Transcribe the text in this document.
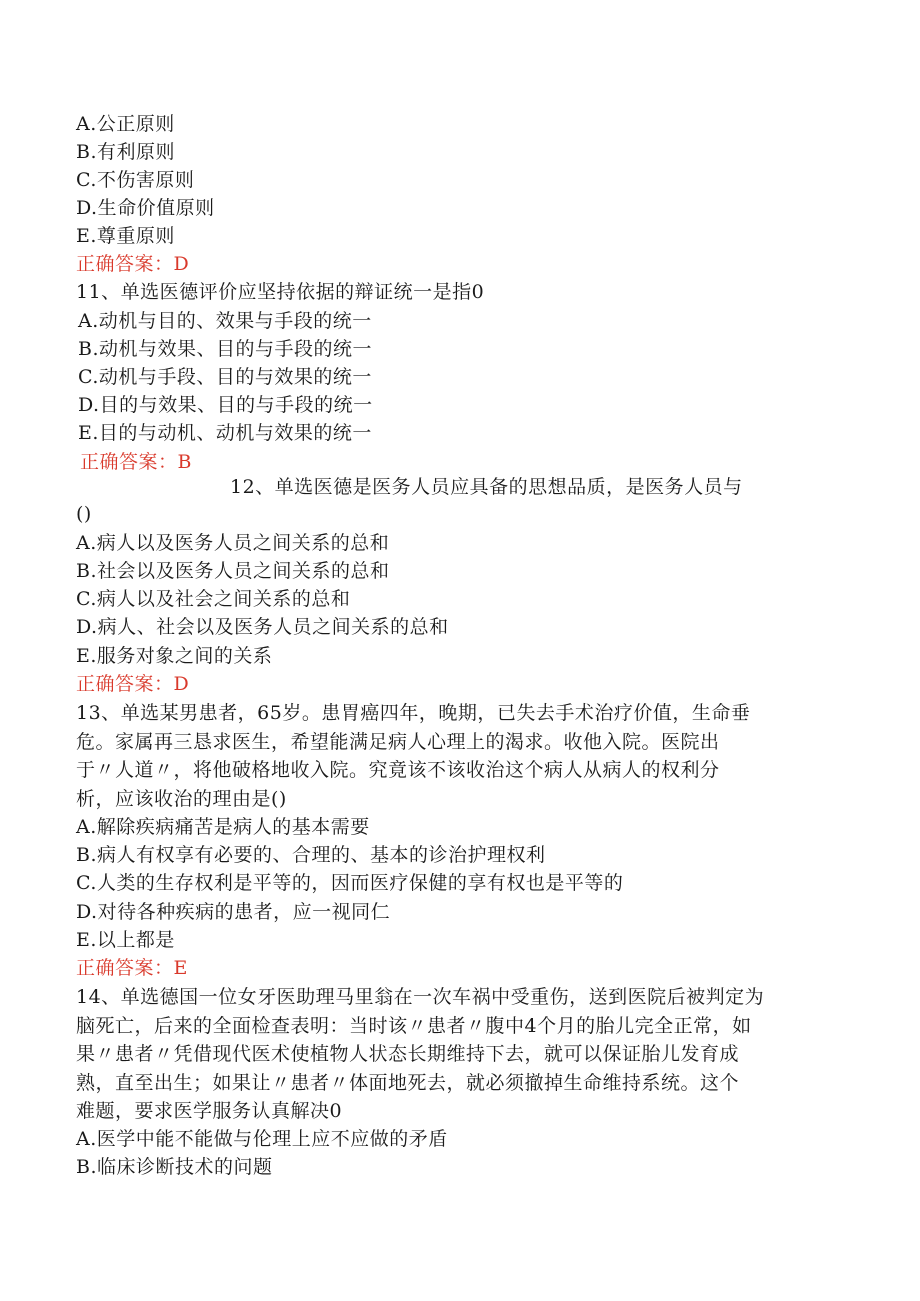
A.公正原则
B.有利原则
C.不伤害原则
D.生命价值原则
E.尊重原则
正确答案：D
11、单选医德评价应坚持依据的辩证统一是指0
A.动机与目的、效果与手段的统一
B.动机与效果、目的与手段的统一
C.动机与手段、目的与效果的统一
D.目的与效果、目的与手段的统一
E.目的与动机、动机与效果的统一
正确答案：B
12、单选医德是医务人员应具备的思想品质，是医务人员与
()
A.病人以及医务人员之间关系的总和
B.社会以及医务人员之间关系的总和
C.病人以及社会之间关系的总和
D.病人、社会以及医务人员之间关系的总和
E.服务对象之间的关系
正确答案：D
13、单选某男患者，65岁。患胃癌四年，晚期，已失去手术治疗价值，生命垂
危。家属再三恳求医生，希望能满足病人心理上的渴求。收他入院。医院出
于〃人道〃，将他破格地收入院。究竟该不该收治这个病人从病人的权利分
析，应该收治的理由是()
A.解除疾病痛苦是病人的基本需要
B.病人有权享有必要的、合理的、基本的诊治护理权利
C.人类的生存权利是平等的，因而医疗保健的享有权也是平等的
D.对待各种疾病的患者，应一视同仁
E.以上都是
正确答案：E
14、单选德国一位女牙医助理马里翁在一次车祸中受重伤，送到医院后被判定为
脑死亡，后来的全面检查表明：当时该〃患者〃腹中4个月的胎儿完全正常，如
果〃患者〃凭借现代医术使植物人状态长期维持下去，就可以保证胎儿发育成
熟，直至出生；如果让〃患者〃体面地死去，就必须撤掉生命维持系统。这个
难题，要求医学服务认真解决0
A.医学中能不能做与伦理上应不应做的矛盾
B.临床诊断技术的问题
